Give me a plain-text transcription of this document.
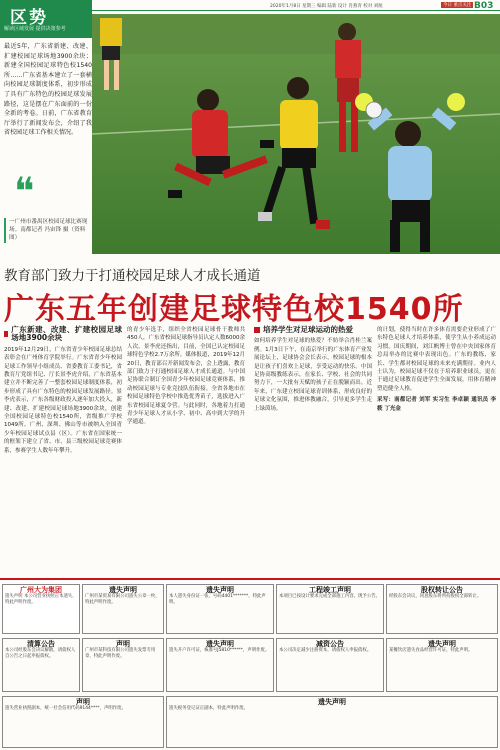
区势
解读区域发展 提供决策参考
2020年1月8日 星期三 编辑 陆新 设计 肖燕青 校对 刘航	今日 重点关注 B03
最近5年，广东省新建、改建、扩建校园足球场地3900余块；新建全国校园足球特色校1540所……广东省基本建立了一套横向校园足球制度体系，初步形成了具有广东特色的校园足球发展路径，这是摆在广东面前的一份全新的考卷。日前，广东省教育厅举行了新闻发布会，介绍了我省校园足球工作相关情况。
❝
一广州市番禺区校园足球比赛现场。南都记者 冯宙锋 摄（资料图）
教育部门致力于打通校园足球人才成长通道
广东五年创建足球特色校1540所
广东新建、改建、扩建校园足球场地3900余块
2019年12月29日，广东省青少年校园足球总结表彰会在广州体育学院举行。广东省青少年校园足球工作领导小组成员、省委教育工委书记，省教育厅党组书记、厅长景李虎介绍，广东省基本建立并不断完善了一整套校园足球制度体系，初步形成了具有广东特色的校园足球发展路径。景李虎表示，广东各级财政投入逐年加大投入，新建、改建、扩建校园足球场地3900余块，创建全国校园足球特色校1540所，省级推广学校1049所。广州、深圳、佛山等市被纳入全国青少年校园足球试点县（区）。广东省在国家统一的框架下建立了省、市、县三级校园足球竞赛体系，参赛学生人数年年攀升。
的青少年选手，组织全省校园足球骨干教师共450人，广东省校园足球指导员认定人数6000余人次。景李虎还指出，目前，全国已认定校园足球特色学校2.7万余所。媒体报道，2019年12月20日，教育部召开新闻发布会，会上透露，教育部门致力于打通校园足球人才成长通道。与中国足协联合制订全国青少年校园足球竞赛体系，推动校园足球与专业竞技队伍衔接。全省各地市在校园足球特色学校中推选优秀苗子，选拔进入广东省校园足球夏令营。与此同时，各地着力打通青少年足球人才从小学、初中、高中到大学的升学通道。
培养学生对足球运动的热爱
如何培养学生对足球的热爱？不妨举合肖桂兰案例。1月3日下午，在南京举行的广东体育产业发展论坛上，足球协会会长表示，校园足球的根本是让孩子们喜欢上足球，享受运动的快乐。中国足协高级教练表示，在家长、学校、社会的共同努力下，一大批有天赋的孩子正在脱颖而出。近年来，广东建立校园足球青训体系，形成良好的足球文化氛围，推进体教融合，引导更多学生走上绿茵场。
的计划，使得当时在许多体育需要企业形成了广东特色足球人才培养体系，使学生从小养成运动习惯。国庆期间，刘江帆博士曾在中央国家体育总局举办的比赛中表现出色。广东的教练、家长、学生都对校园足球的未来充满期待。业内人士认为，校园足球不仅在于培养职业球员，更在于通过足球教育促进学生全面发展，用体育精神塑造健全人格。
采写：南都记者 刘军 实习生 李卓颖 通讯员 李筱 丁光金
广州大为集团
遗失声明 本公司营业执照正本遗失，特此声明作废。
遗失声明
广州市某贸易有限公司遗失公章一枚，特此声明作废。
遗失声明
本人遗失身份证一张，号码4401*******，特此声明。
工程竣工声明
本项目已按设计要求完成全部施工内容，现予公告。
股权转让公告
经股东会决议，同意股东将所持股权全部转让。
清算公告
本公司经股东会决议解散，请债权人自公告之日起申报债权。
声明
广州市某科技有限公司遗失发票专用章，特此声明作废。
遗失声明
遗失开户许可证，核准号J5810******，声明作废。
减资公告
本公司决定减少注册资本，请债权人申报债权。
遗失声明
某餐饮店遗失食品经营许可证，特此声明。
声明
遗失营业执照副本，统一社会信用代码9144****，声明作废。
遗失声明
遗失税务登记证正副本，特此声明作废。
